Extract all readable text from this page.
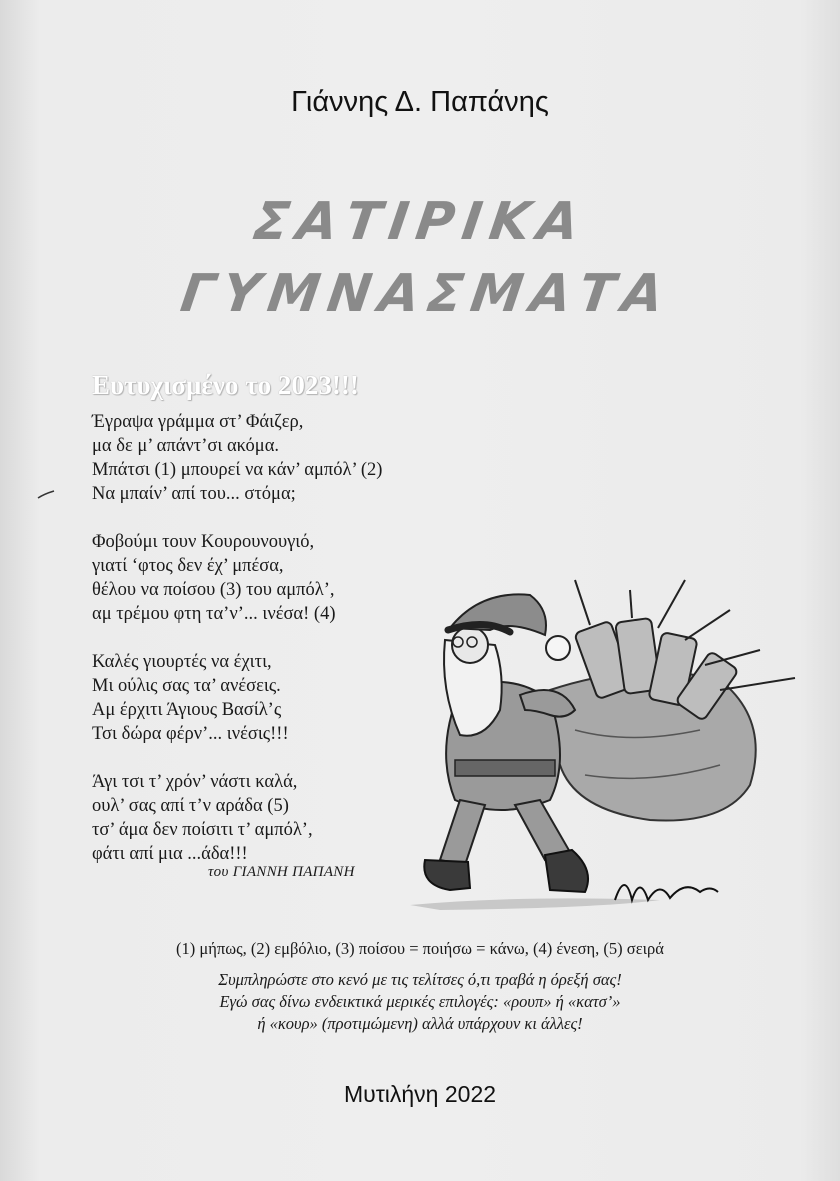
Γιάννης Δ. Παπάνης
ΣΑΤΙΡΙΚΑ
ΓΥΜΝΑΣΜΑΤΑ
Ευτυχισμένο το 2023!!!
Έγραψα γράμμα στ’ Φάιζερ,
μα δε μ’ απάντ’σι ακόμα.
Μπάτσι (1) μπουρεί να κάν’ αμπόλ’ (2)
Να μπαίν’ απί του... στόμα;
Φοβούμι τουν Κουρουνουγιό,
γιατί ‘φτος δεν έχ’ μπέσα,
θέλου να ποίσου (3) του αμπόλ’,
αμ τρέμου φτη τα’ν’... ινέσα! (4)
Καλές γιουρτές να έχιτι,
Μι ούλις σας τα’ ανέσεις.
Αμ έρχιτι Άγιους Βασίλ’ς
Τσι δώρα φέρν’... ινέσις!!!
Άγι τσι τ’ χρόν’ νάστι καλά,
ουλ’ σας απί τ’ν αράδα (5)
τσ’ άμα δεν ποίσιτι τ’ αμπόλ’,
φάτι απί μια ...άδα!!!
του ΓΙΑΝΝΗ ΠΑΠΑΝΗ
(1) μήπως, (2) εμβόλιο, (3) ποίσου = ποιήσω = κάνω, (4) ένεση, (5) σειρά
Συμπληρώστε στο κενό με τις τελίτσες ό,τι τραβά η όρεξή σας!
Εγώ σας δίνω ενδεικτικά μερικές επιλογές: «ρουπ» ή «κατσ’»
ή «κουρ» (προτιμώμενη) αλλά υπάρχουν κι άλλες!
Μυτιλήνη 2022
